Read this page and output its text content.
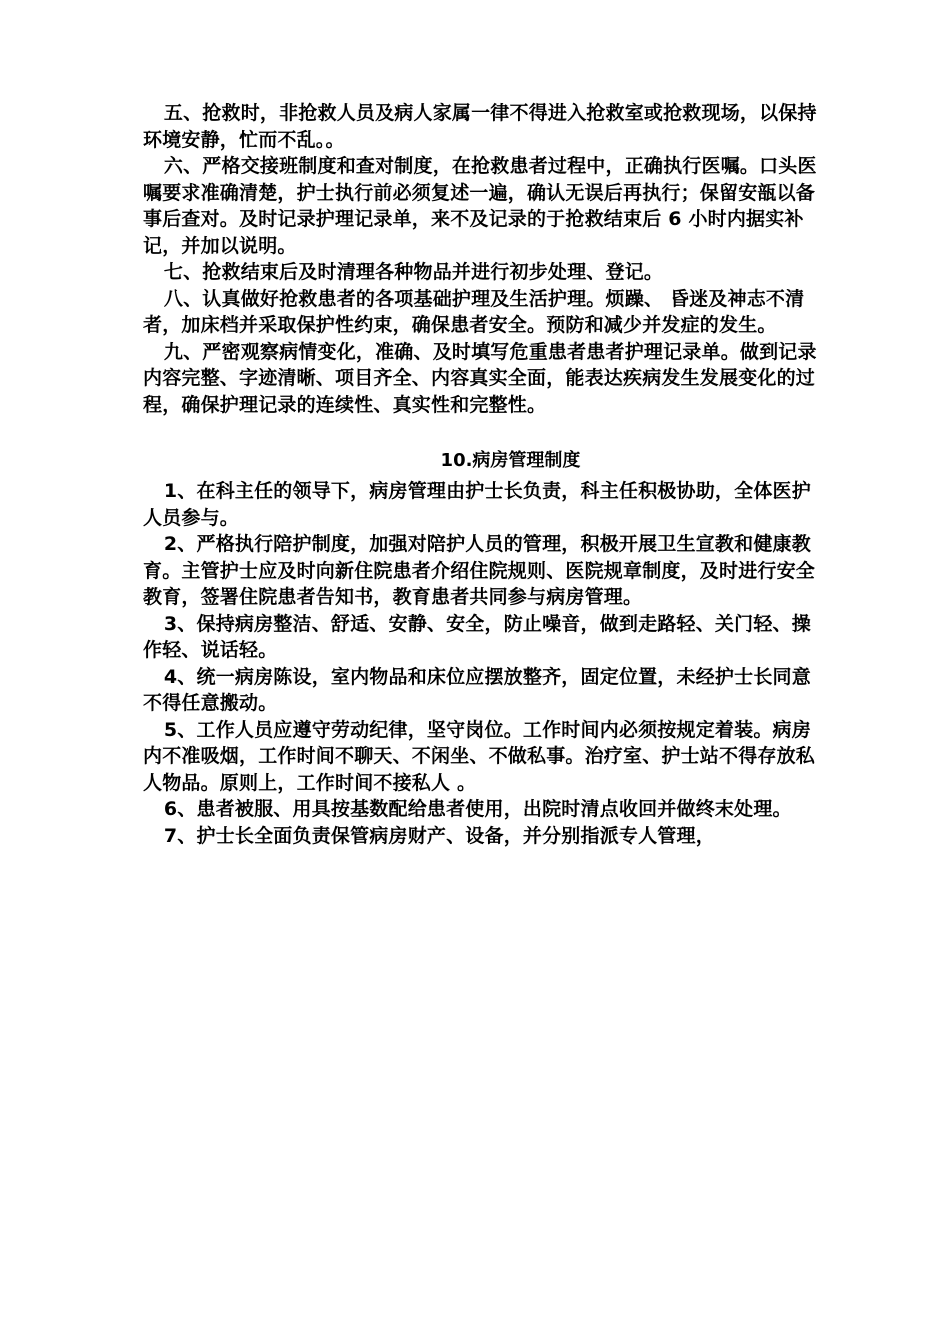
五、抢救时，非抢救人员及病人家属一律不得进入抢救室或抢救现场，以保持环境安静，忙而不乱。。

六、严格交接班制度和查对制度，在抢救患者过程中，正确执行医嘱。口头医嘱要求准确清楚，护士执行前必须复述一遍，确认无误后再执行；保留安瓿以备事后查对。及时记录护理记录单，来不及记录的于抢救结束后 6 小时内据实补记，并加以说明。

七、抢救结束后及时清理各种物品并进行初步处理、登记。

八、认真做好抢救患者的各项基础护理及生活护理。烦躁、 昏迷及神志不清者，加床档并采取保护性约束，确保患者安全。预防和减少并发症的发生。

九、严密观察病情变化，准确、及时填写危重患者患者护理记录单。做到记录内容完整、字迹清晰、项目齐全、内容真实全面，能表达疾病发生发展变化的过程，确保护理记录的连续性、真实性和完整性。

10.病房管理制度

1、在科主任的领导下，病房管理由护士长负责，科主任积极协助，全体医护人员参与。

2、严格执行陪护制度，加强对陪护人员的管理，积极开展卫生宣教和健康教育。主管护士应及时向新住院患者介绍住院规则、医院规章制度，及时进行安全教育，签署住院患者告知书，教育患者共同参与病房管理。

3、保持病房整洁、舒适、安静、安全，防止噪音，做到走路轻、关门轻、操作轻、说话轻。

4、统一病房陈设，室内物品和床位应摆放整齐，固定位置，未经护士长同意不得任意搬动。

5、工作人员应遵守劳动纪律，坚守岗位。工作时间内必须按规定着装。病房内不准吸烟，工作时间不聊天、不闲坐、不做私事。治疗室、护士站不得存放私人物品。原则上，工作时间不接私人 。

6、患者被服、用具按基数配给患者使用，出院时清点收回并做终末处理。

7、护士长全面负责保管病房财产、设备，并分别指派专人管理，
